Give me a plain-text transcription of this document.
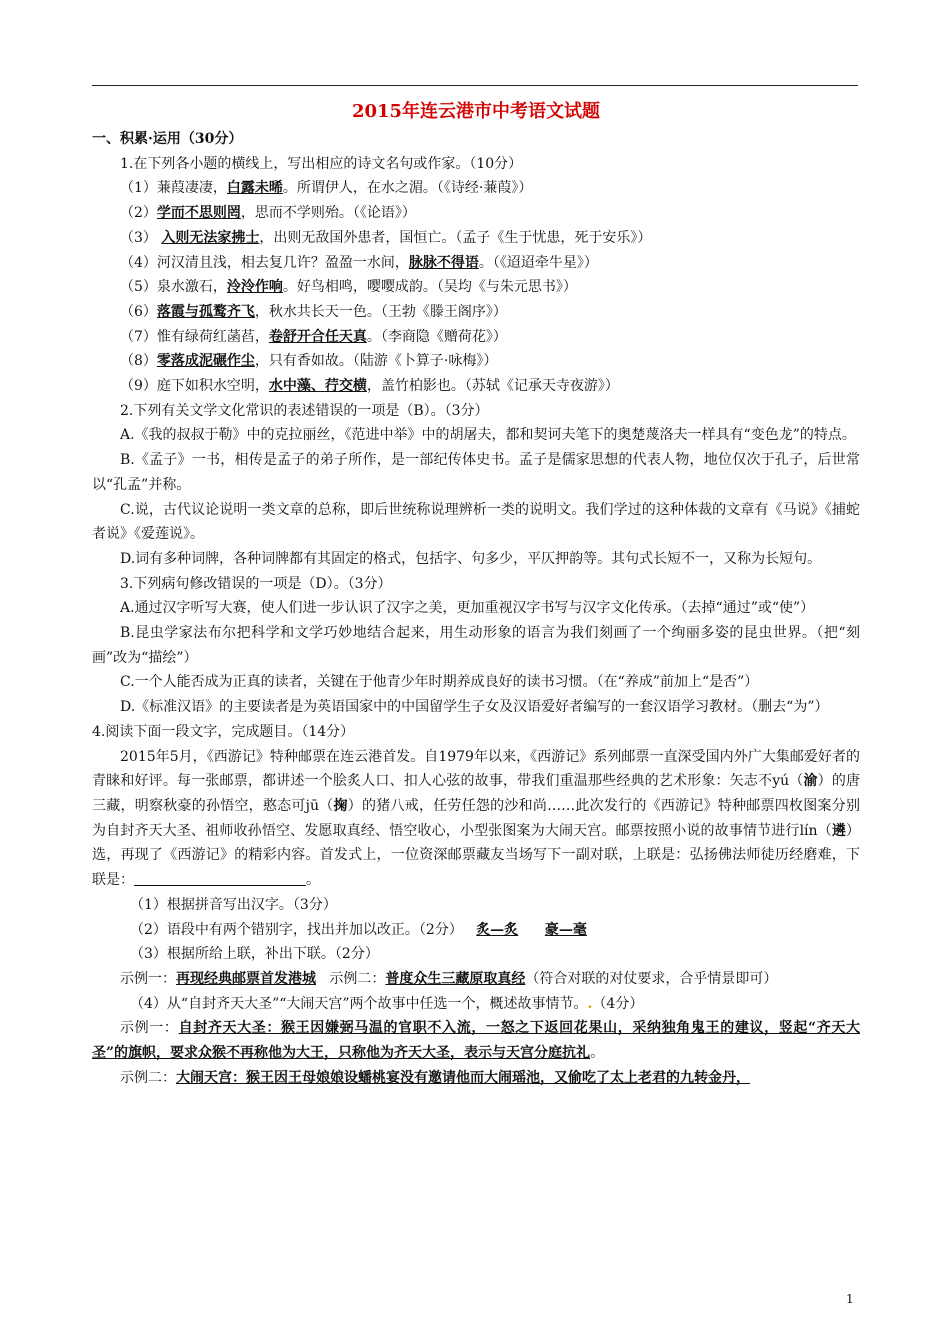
2015年连云港市中考语文试题
一、积累·运用（30分）
1.在下列各小题的横线上，写出相应的诗文名句或作家。（10分）
（1）蒹葭凄凄，白露未晞。所谓伊人，在水之湄。（《诗经·蒹葭》）
（2）学而不思则罔，思而不学则殆。（《论语》）
（3） 入则无法家拂士，出则无敌国外患者，国恒亡。（孟子《生于忧患，死于安乐》）
（4）河汉清且浅，相去复几许？盈盈一水间，脉脉不得语。（《迢迢牵牛星》）
（5）泉水激石，泠泠作响。好鸟相鸣，嘤嘤成韵。（吴均《与朱元思书》）
（6）落霞与孤鹜齐飞，秋水共长天一色。（王勃《滕王阁序》）
（7）惟有绿荷红菡萏，卷舒开合任天真。（李商隐《赠荷花》）
（8）零落成泥碾作尘，只有香如故。（陆游《卜算子·咏梅》）
（9）庭下如积水空明，水中藻、荇交横，盖竹柏影也。（苏轼《记承天寺夜游》）
2.下列有关文学文化常识的表述错误的一项是（B）。（3分）
A.《我的叔叔于勒》中的克拉丽丝，《范进中举》中的胡屠夫，都和契诃夫笔下的奥楚蔑洛夫一样具有“变色龙”的特点。
B.《孟子》一书，相传是孟子的弟子所作，是一部纪传体史书。孟子是儒家思想的代表人物，地位仅次于孔子，后世常以“孔孟”并称。
C.说，古代议论说明一类文章的总称，即后世统称说理辨析一类的说明文。我们学过的这种体裁的文章有《马说》《捕蛇者说》《爱莲说》。
D.词有多种词牌，各种词牌都有其固定的格式，包括字、句多少，平仄押韵等。其句式长短不一，又称为长短句。
3.下列病句修改错误的一项是（D）。（3分）
A.通过汉字听写大赛，使人们进一步认识了汉字之美，更加重视汉字书写与汉字文化传承。（去掉“通过”或“使”）
B.昆虫学家法布尔把科学和文学巧妙地结合起来，用生动形象的语言为我们刻画了一个绚丽多姿的昆虫世界。（把“刻画”改为“描绘”）
C.一个人能否成为正真的读者，关键在于他青少年时期养成良好的读书习惯。（在“养成”前加上“是否”）
D.《标准汉语》的主要读者是为英语国家中的中国留学生子女及汉语爱好者编写的一套汉语学习教材。（删去“为”）
4.阅读下面一段文字，完成题目。（14分）
2015年5月，《西游记》特种邮票在连云港首发。自1979年以来，《西游记》系列邮票一直深受国内外广大集邮爱好者的青睐和好评。每一张邮票，都讲述一个脍炙人口、扣人心弦的故事，带我们重温那些经典的艺术形象：矢志不yú（渝）的唐三藏，明察秋豪的孙悟空，憨态可jū（掬）的猪八戒，任劳任怨的沙和尚……此次发行的《西游记》特种邮票四枚图案分别为自封齐天大圣、祖师收孙悟空、发愿取真经、悟空收心，小型张图案为大闹天宫。邮票按照小说的故事情节进行lín（遴）选，再现了《西游记》的精彩内容。首发式上，一位资深邮票藏友当场写下一副对联，上联是：弘扬佛法师徒历经磨难，下联是：	。
（1）根据拼音写出汉字。（3分）
（2）语段中有两个错别字，找出并加以改正。（2分） 炙—炙 豪—毫
（3）根据所给上联，补出下联。（2分）
示例一：再现经典邮票首发港城 示例二：普度众生三藏原取真经（符合对联的对仗要求，合乎情景即可）
（4）从“自封齐天大圣”“大闹天宫”两个故事中任选一个，概述故事情节。.（4分）
示例一：自封齐天大圣：猴王因嫌弼马温的官职不入流，一怒之下返回花果山，采纳独角鬼王的建议，竖起“齐天大圣”的旗帜，要求众猴不再称他为大王，只称他为齐天大圣，表示与天宫分庭抗礼。
示例二：大闹天宫：猴王因王母娘娘设蟠桃宴没有邀请他而大闹瑶池，又偷吃了太上老君的九转金丹，
1
